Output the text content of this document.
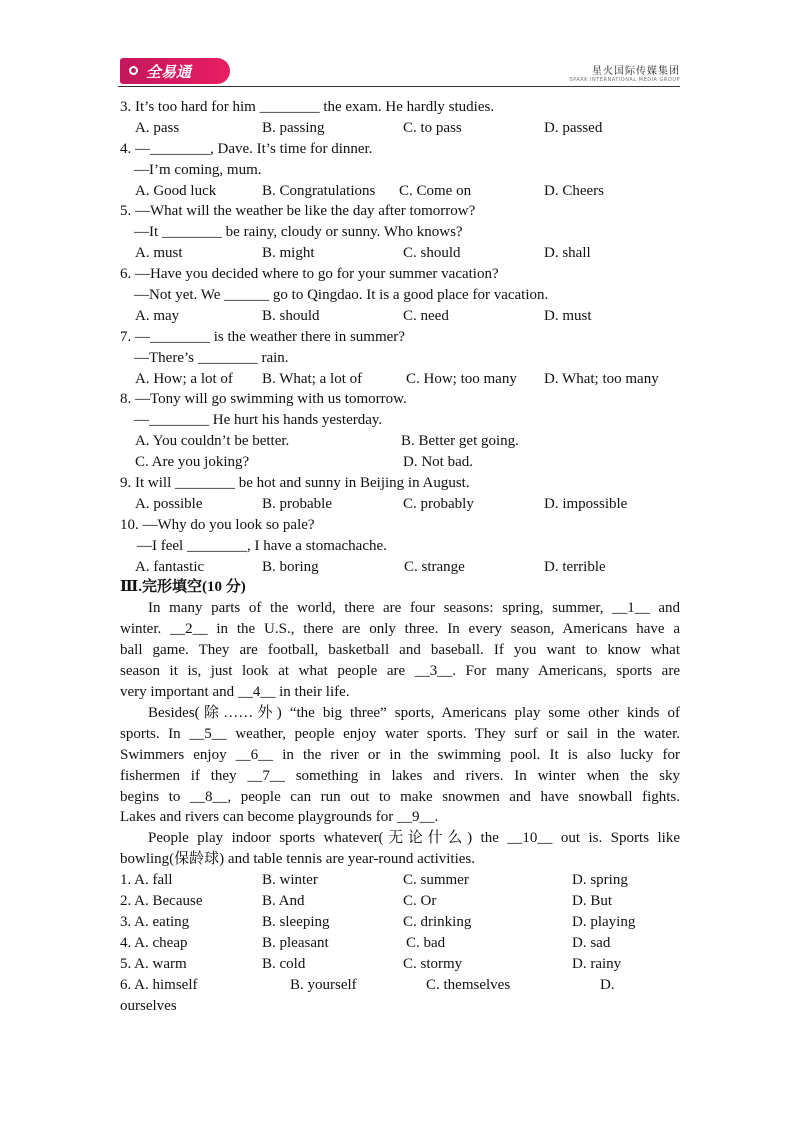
全易通	星火国际传媒集团
SPARK INTERNATIONAL MEDIA GROUP
3. It’s too hard for him ________ the exam. He hardly studies.
A. pass	B. passing	C. to pass	D. passed
4. —________, Dave. It’s time for dinner.
—I’m coming, mum.
A. Good luck	B. Congratulations C. Come on	D. Cheers
5. —What will the weather be like the day after tomorrow?
—It ________ be rainy, cloudy or sunny. Who knows?
A. must	B. might	C. should	D. shall
6. —Have you decided where to go for your summer vacation?
—Not yet. We ______ go to Qingdao. It is a good place for vacation.
A. may	B. should	C. need	D. must
7. —________ is the weather there in summer?
—There’s ________ rain.
A. How; a lot of B. What; a lot of	C. How; too many D. What; too many
8. —Tony will go swimming with us tomorrow.
—________ He hurt his hands yesterday.
A. You couldn’t be better.	B. Better get going.
C. Are you joking?	D. Not bad.
9. It will ________ be hot and sunny in Beijing in August.
A. possible	B. probable	C. probably	D. impossible
10. —Why do you look so pale?
—I feel ________, I have a stomachache.
A. fantastic	B. boring	C. strange	D. terrible
Ⅲ.完形填空(10 分)
In many parts of the world, there are four seasons: spring, summer, __1__ and
winter. __2__ in the U.S., there are only three. In every season, Americans have a
ball game. They are football, basketball and baseball. If you want to know what
season it is, just look at what people are __3__. For many Americans, sports are
very important and __4__ in their life.
Besides(除……外) “the big three” sports, Americans play some other kinds of
sports. In __5__ weather, people enjoy water sports. They surf or sail in the water.
Swimmers enjoy __6__ in the river or in the swimming pool. It is also lucky for
fishermen if they __7__ something in lakes and rivers. In winter when the sky
begins to __8__, people can run out to make snowmen and have snowball fights.
Lakes and rivers can become playgrounds for __9__.
People play indoor sports whatever(无论什么) the __10__ out is. Sports like
bowling(保龄球) and table tennis are year-round activities.
1. A. fall	B. winter	C. summer	D. spring
2. A. Because	B. And	C. Or	D. But
3. A. eating	B. sleeping	C. drinking	D. playing
4. A. cheap	B. pleasant	C. bad	D. sad
5. A. warm	B. cold	C. stormy	D. rainy
6. A. himself	B. yourself	C. themselves	D.
ourselves
